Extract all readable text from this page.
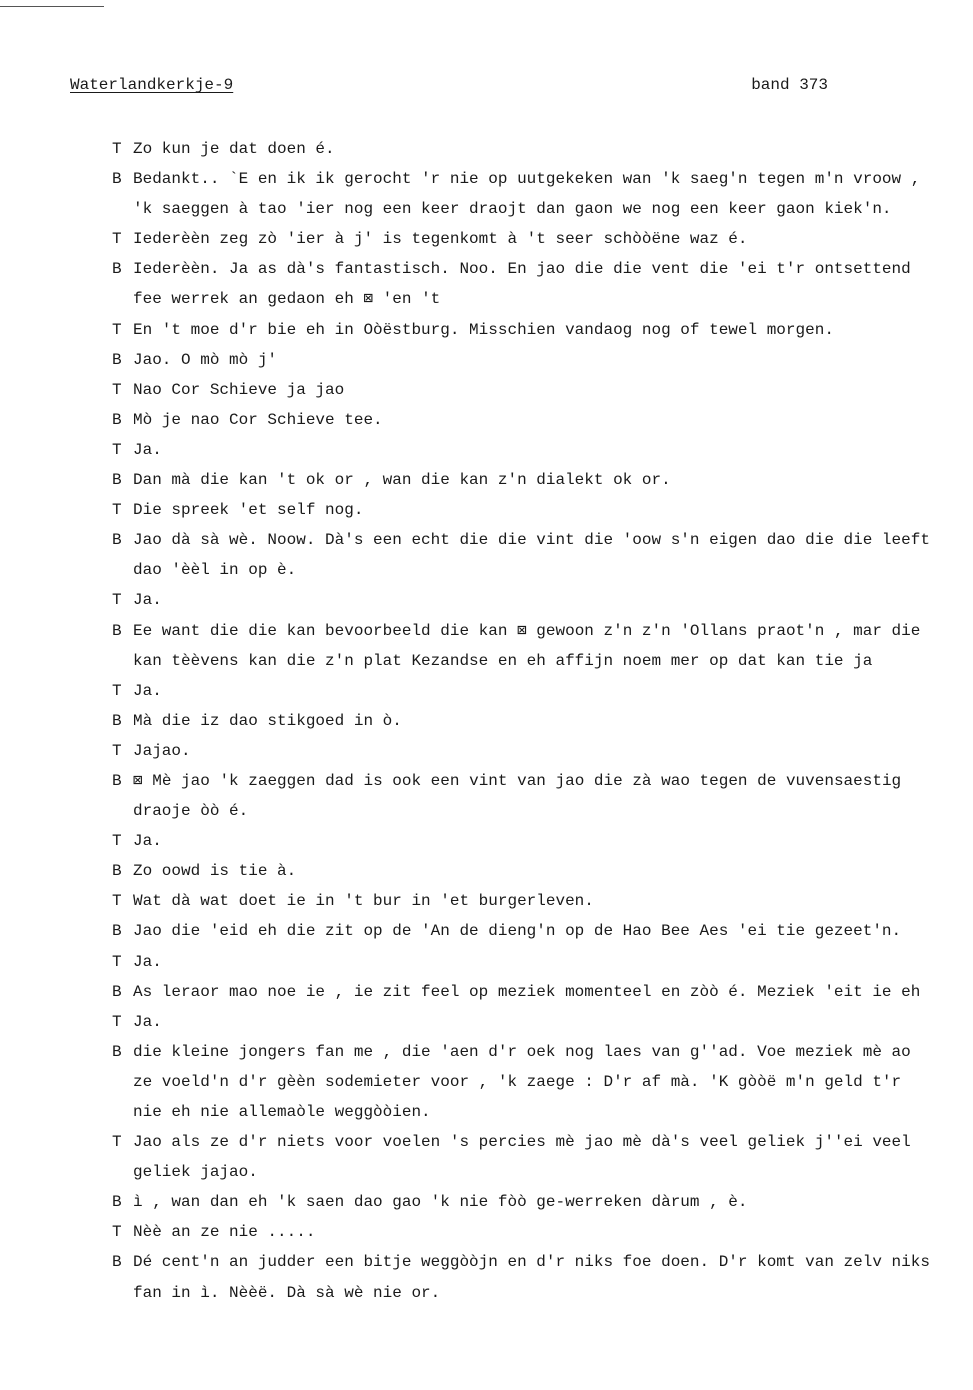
Waterlandkerkje-9	band 373
T Zo kun je dat doen é.
B Bedankt.. `E en ik ik gerocht 'r nie op uutgekeken wan 'k saeg'n tegen m'n vroow ,
'k saeggen à tao 'ier nog een keer draojt dan gaon we nog een keer gaon kiek'n.
T Iederèèn zeg zò 'ier à j' is tegenkomt à 't seer schòòëne waz é.
B Iederèèn. Ja as dà's fantastisch. Noo. En jao die die vent die 'ei t'r ontsettend
fee werrek an gedaon eh ⊠ 'en 't
T En 't moe d'r bie eh in Oòëstburg. Misschien vandaog nog of tewel morgen.
B Jao. O mò mò j'
T Nao Cor Schieve ja jao
B Mò je nao Cor Schieve tee.
T Ja.
B Dan mà die kan 't ok or , wan die kan z'n dialekt ok or.
T Die spreek 'et self nog.
B Jao dà sà wè. Noow. Dà's een echt die die vint die 'oow s'n eigen dao die die leeft
dao 'èèl in op è.
T Ja.
B Ee want die die kan bevoorbeeld die kan ⊠ gewoon z'n z'n 'Ollans praot'n , mar die
kan tèèvens kan die z'n plat Kezandse en eh affijn noem mer op dat kan tie ja
T Ja.
B Mà die iz dao stikgoed in ò.
T Jajao.
B ⊠ Mè jao 'k zaeggen dad is ook een vint van jao die zà wao tegen de vuvensaestig
draoje òò é.
T Ja.
B Zo oowd is tie à.
T Wat dà wat doet ie in 't bur in 'et burgerleven.
B Jao die 'eid eh die zit op de 'An de dieng'n op de Hao Bee Aes 'ei tie gezeet'n.
T Ja.
B As leraor mao noe ie , ie zit feel op meziek momenteel en zòò é. Meziek 'eit ie eh
T Ja.
B die kleine jongers fan me , die 'aen d'r oek nog laes van g''ad. Voe meziek mè ao
ze voeld'n d'r gèèn sodemieter voor , 'k zaege : D'r af mà. 'K gòòë m'n geld t'r
nie eh nie allemaòle weggòòien.
T Jao als ze d'r niets voor voelen 's percies mè jao mè dà's veel geliek j''ei veel
geliek jajao.
B ì , wan dan eh 'k saen dao gao 'k nie fòò ge-werreken dàrum , è.
T Nèè an ze nie .....
B Dé cent'n an judder een bitje weggòòjn en d'r niks foe doen. D'r komt van zelv niks
fan in ì. Nèèë. Dà sà wè nie or.
